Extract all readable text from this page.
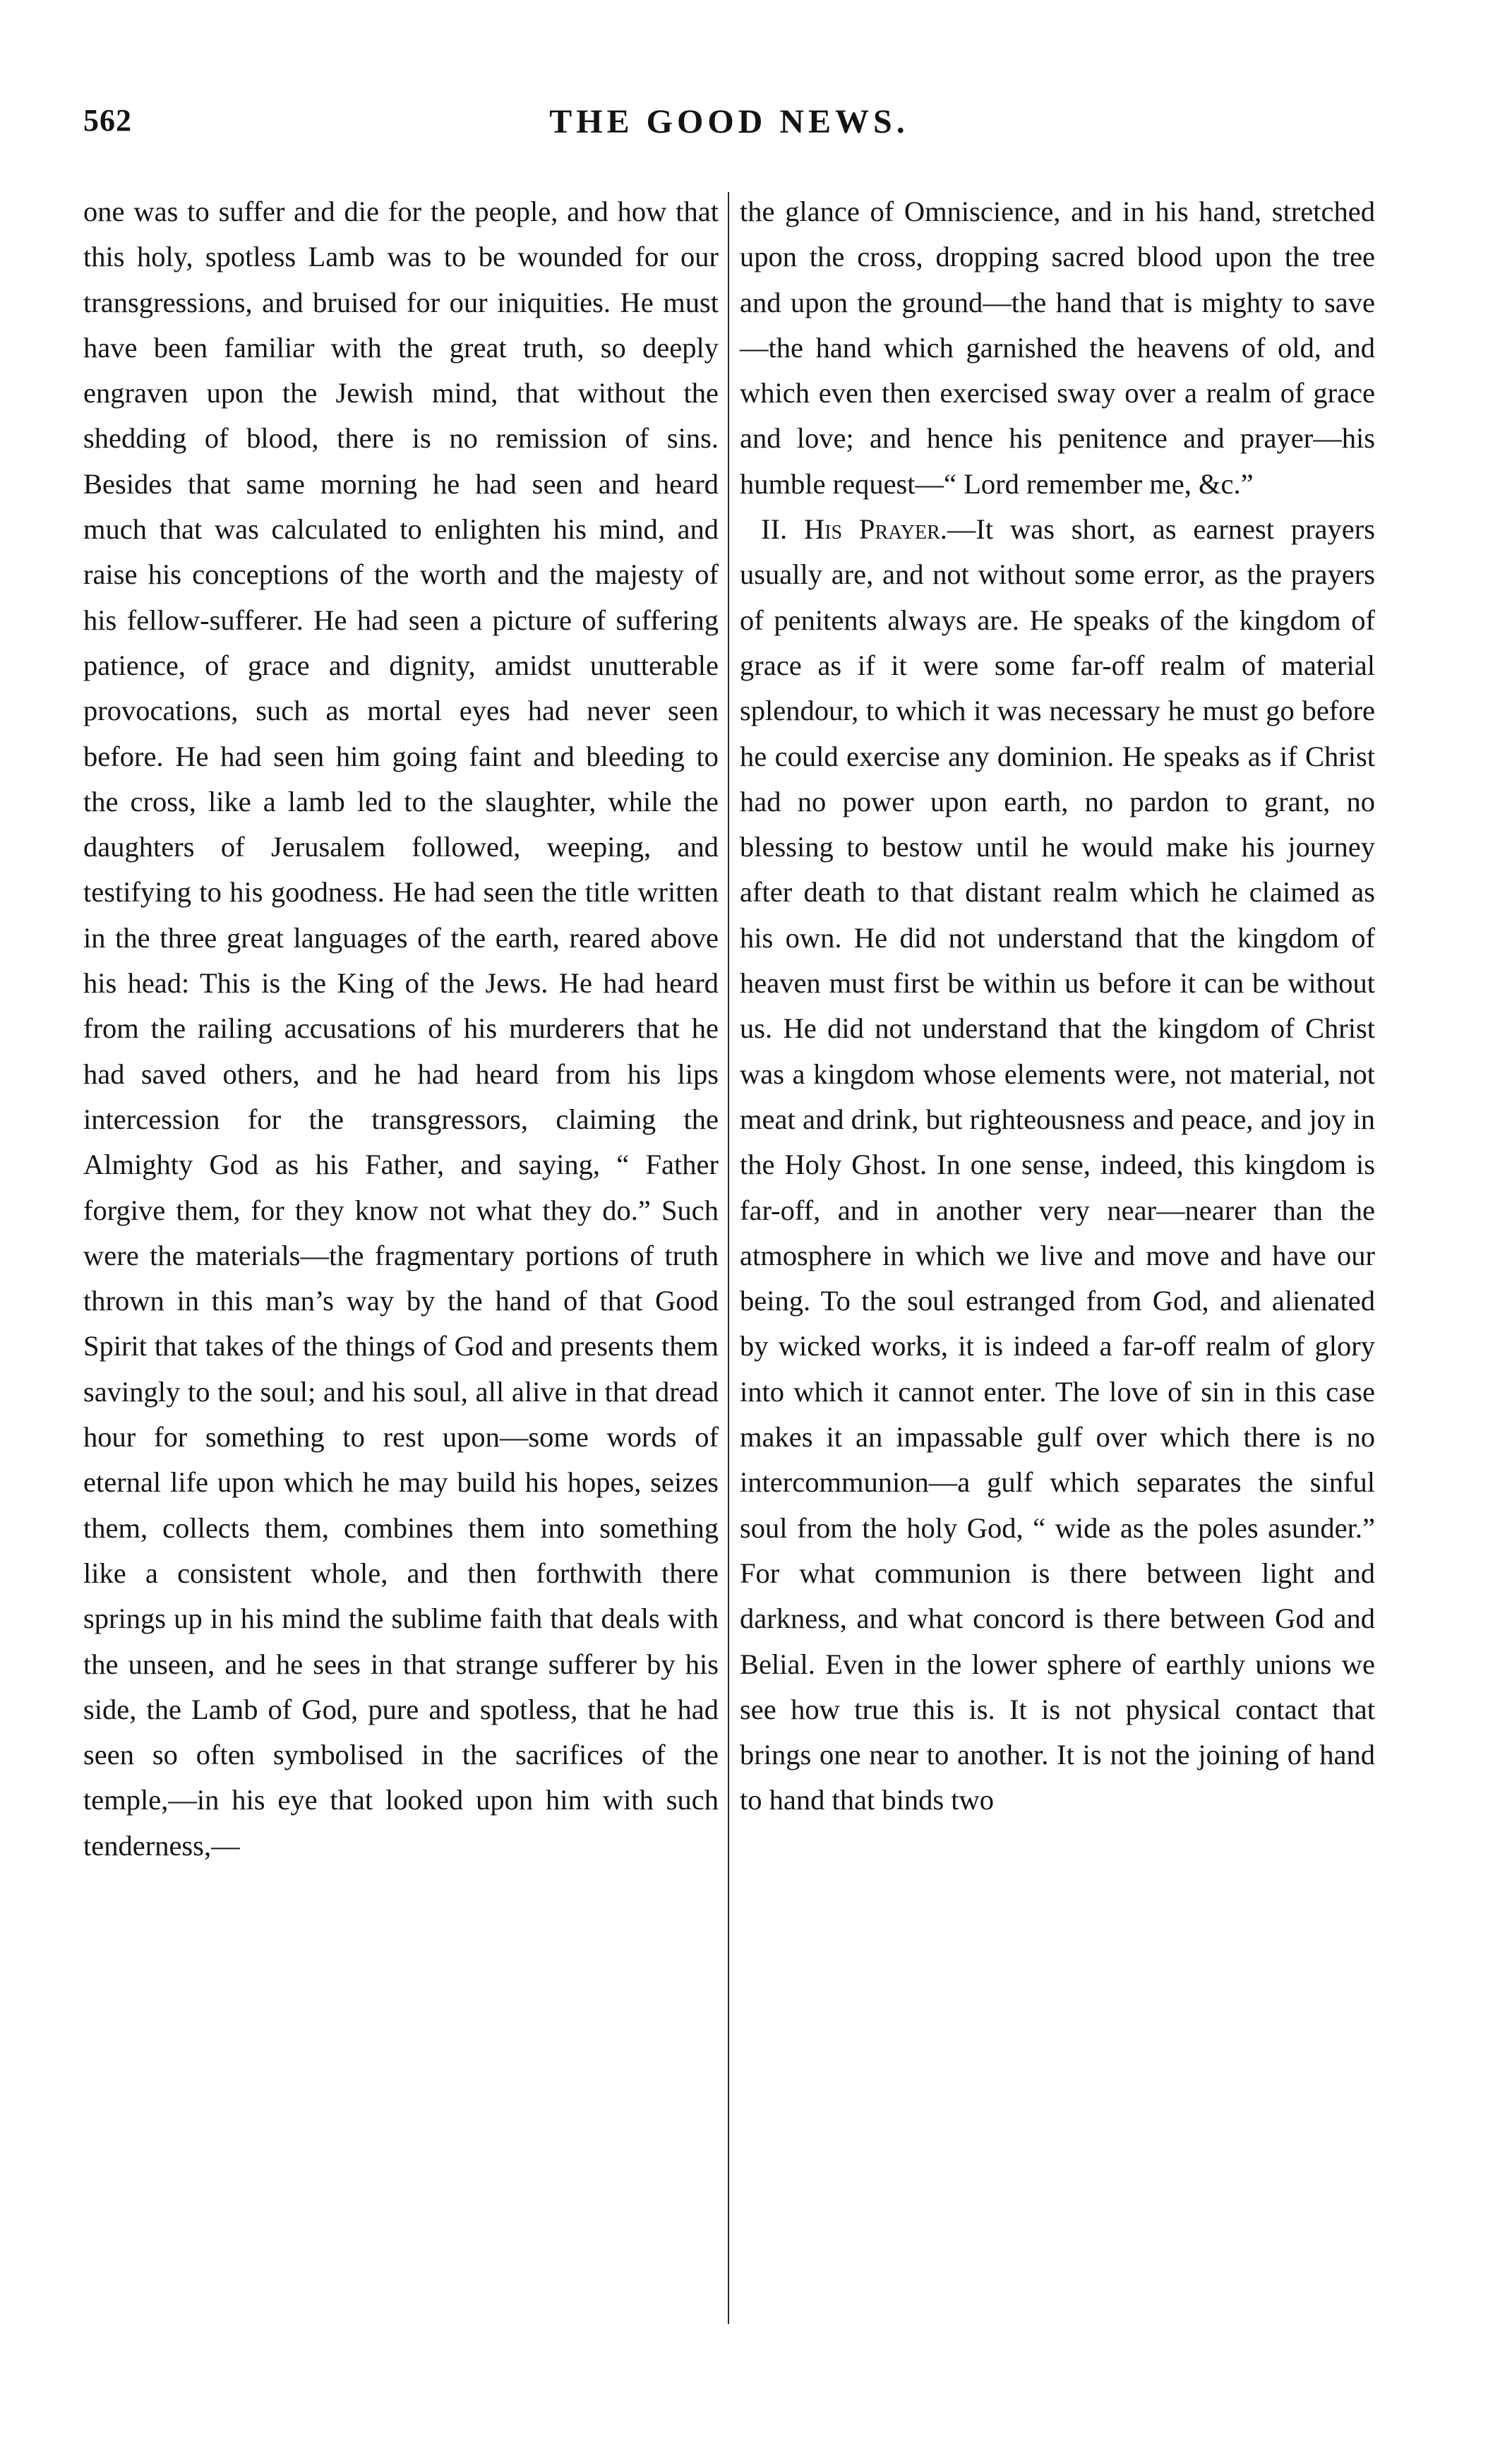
562	THE GOOD NEWS.

one was to suffer and die for the people, and how that this holy, spotless Lamb was to be wounded for our transgressions, and bruised for our iniquities. He must have been familiar with the great truth, so deeply engraven upon the Jewish mind, that without the shedding of blood, there is no remission of sins. Besides that same morning he had seen and heard much that was calculated to enlighten his mind, and raise his conceptions of the worth and the majesty of his fellow-sufferer. He had seen a picture of suffering patience, of grace and dignity, amidst unutterable provocations, such as mortal eyes had never seen before. He had seen him going faint and bleeding to the cross, like a lamb led to the slaughter, while the daughters of Jerusalem followed, weeping, and testifying to his goodness. He had seen the title written in the three great languages of the earth, reared above his head: This is the King of the Jews. He had heard from the railing accusations of his murderers that he had saved others, and he had heard from his lips intercession for the transgressors, claiming the Almighty God as his Father, and saying, “ Father forgive them, for they know not what they do.” Such were the materials—the fragmentary portions of truth thrown in this man’s way by the hand of that Good Spirit that takes of the things of God and presents them savingly to the soul; and his soul, all alive in that dread hour for something to rest upon—some words of eternal life upon which he may build his hopes, seizes them, collects them, combines them into something like a consistent whole, and then forthwith there springs up in his mind the sublime faith that deals with the unseen, and he sees in that strange sufferer by his side, the Lamb of God, pure and spotless, that he had seen so often symbolised in the sacrifices of the temple,—in his eye that looked upon him with such tenderness,—

the glance of Omniscience, and in his hand, stretched upon the cross, dropping sacred blood upon the tree and upon the ground—the hand that is mighty to save —the hand which garnished the heavens of old, and which even then exercised sway over a realm of grace and love; and hence his penitence and prayer—his humble request—“ Lord remember me, &c.”

II. His Prayer.—It was short, as earnest prayers usually are, and not without some error, as the prayers of penitents always are. He speaks of the kingdom of grace as if it were some far-off realm of material splendour, to which it was necessary he must go before he could exercise any dominion. He speaks as if Christ had no power upon earth, no pardon to grant, no blessing to bestow until he would make his journey after death to that distant realm which he claimed as his own. He did not understand that the kingdom of heaven must first be within us before it can be without us. He did not understand that the kingdom of Christ was a kingdom whose elements were, not material, not meat and drink, but righteousness and peace, and joy in the Holy Ghost. In one sense, indeed, this kingdom is far-off, and in another very near—nearer than the atmosphere in which we live and move and have our being. To the soul estranged from God, and alienated by wicked works, it is indeed a far-off realm of glory into which it cannot enter. The love of sin in this case makes it an impassable gulf over which there is no intercommunion—a gulf which separates the sinful soul from the holy God, “ wide as the poles asunder.” For what communion is there between light and darkness, and what concord is there between God and Belial. Even in the lower sphere of earthly unions we see how true this is. It is not physical contact that brings one near to another. It is not the joining of hand to hand that binds two
